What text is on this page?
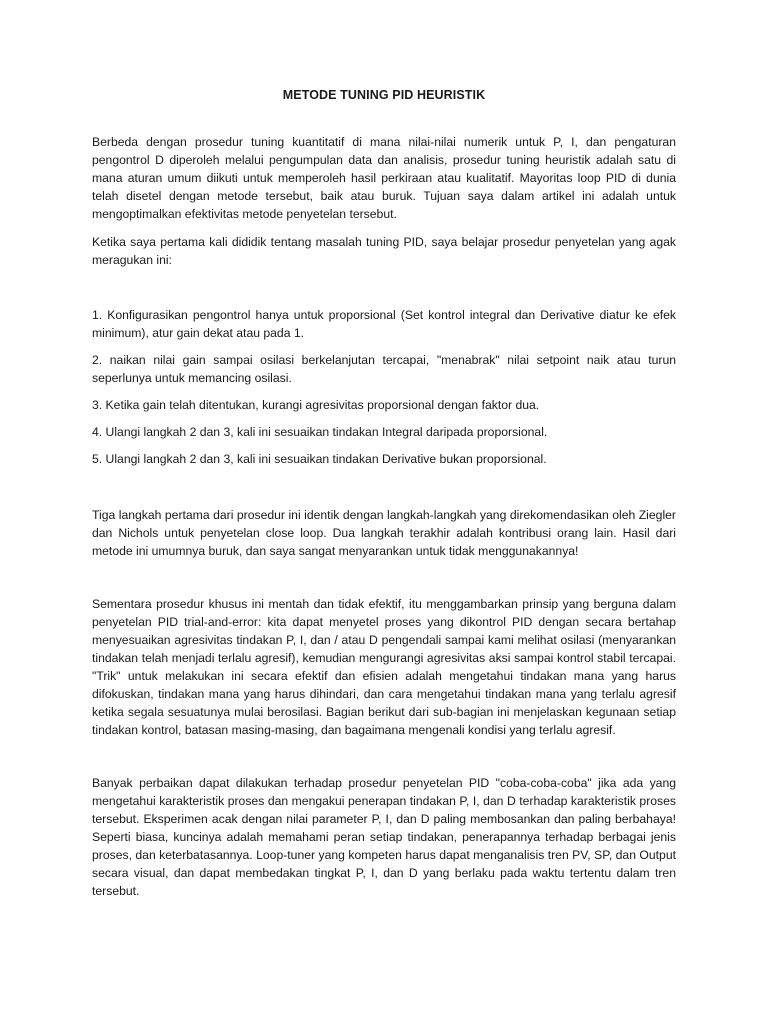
METODE TUNING PID HEURISTIK

Berbeda dengan prosedur tuning kuantitatif di mana nilai-nilai numerik untuk P, I, dan pengaturan pengontrol D diperoleh melalui pengumpulan data dan analisis, prosedur tuning heuristik adalah satu di mana aturan umum diikuti untuk memperoleh hasil perkiraan atau kualitatif. Mayoritas loop PID di dunia telah disetel dengan metode tersebut, baik atau buruk. Tujuan saya dalam artikel ini adalah untuk mengoptimalkan efektivitas metode penyetelan tersebut.

Ketika saya pertama kali dididik tentang masalah tuning PID, saya belajar prosedur penyetelan yang agak meragukan ini:

1. Konfigurasikan pengontrol hanya untuk proporsional (Set kontrol integral dan Derivative diatur ke efek minimum), atur gain dekat atau pada 1.

2. naikan nilai gain sampai osilasi berkelanjutan tercapai, "menabrak" nilai setpoint naik atau turun seperlunya untuk memancing osilasi.

3. Ketika gain telah ditentukan, kurangi agresivitas proporsional dengan faktor dua.

4. Ulangi langkah 2 dan 3, kali ini sesuaikan tindakan Integral daripada proporsional.

5. Ulangi langkah 2 dan 3, kali ini sesuaikan tindakan Derivative bukan proporsional.

Tiga langkah pertama dari prosedur ini identik dengan langkah-langkah yang direkomendasikan oleh Ziegler dan Nichols untuk penyetelan close loop. Dua langkah terakhir adalah kontribusi orang lain. Hasil dari metode ini umumnya buruk, dan saya sangat menyarankan untuk tidak menggunakannya!

Sementara prosedur khusus ini mentah dan tidak efektif, itu menggambarkan prinsip yang berguna dalam penyetelan PID trial-and-error: kita dapat menyetel proses yang dikontrol PID dengan secara bertahap menyesuaikan agresivitas tindakan P, I, dan / atau D pengendali sampai kami melihat osilasi (menyarankan tindakan telah menjadi terlalu agresif), kemudian mengurangi agresivitas aksi sampai kontrol stabil tercapai. "Trik" untuk melakukan ini secara efektif dan efisien adalah mengetahui tindakan mana yang harus difokuskan, tindakan mana yang harus dihindari, dan cara mengetahui tindakan mana yang terlalu agresif ketika segala sesuatunya mulai berosilasi. Bagian berikut dari sub-bagian ini menjelaskan kegunaan setiap tindakan kontrol, batasan masing-masing, dan bagaimana mengenali kondisi yang terlalu agresif.

Banyak perbaikan dapat dilakukan terhadap prosedur penyetelan PID "coba-coba-coba" jika ada yang mengetahui karakteristik proses dan mengakui penerapan tindakan P, I, dan D terhadap karakteristik proses tersebut. Eksperimen acak dengan nilai parameter P, I, dan D paling membosankan dan paling berbahaya! Seperti biasa, kuncinya adalah memahami peran setiap tindakan, penerapannya terhadap berbagai jenis proses, dan keterbatasannya. Loop-tuner yang kompeten harus dapat menganalisis tren PV, SP, dan Output secara visual, dan dapat membedakan tingkat P, I, dan D yang berlaku pada waktu tertentu dalam tren tersebut.
